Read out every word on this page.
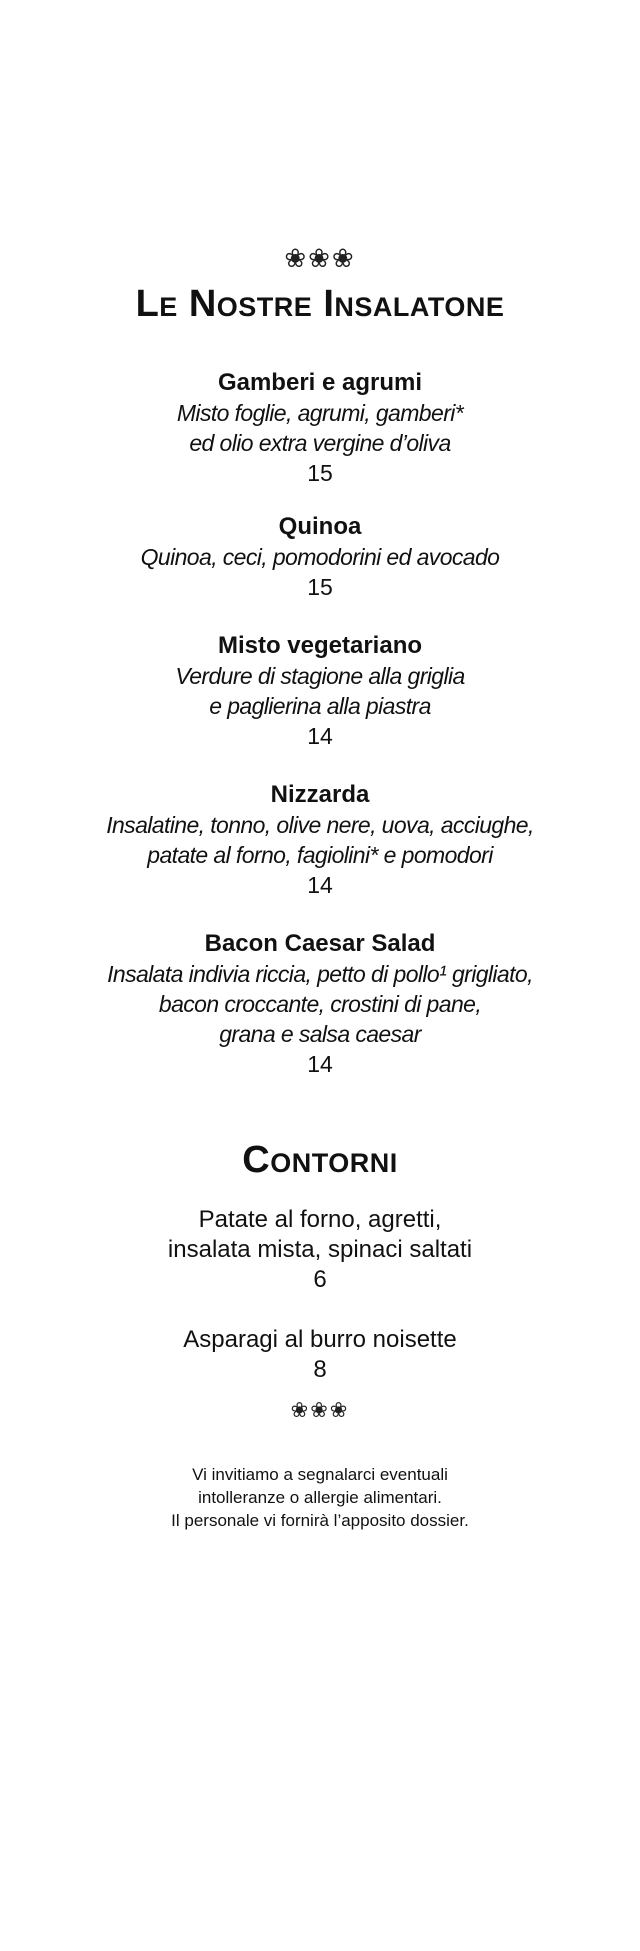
❀❀❀
Le Nostre Insalatone
Gamberi e agrumi
Misto foglie, agrumi, gamberi*
ed olio extra vergine d’oliva
15
Quinoa
Quinoa, ceci, pomodorini ed avocado
15
Misto vegetariano
Verdure di stagione alla griglia
e paglierina alla piastra
14
Nizzarda
Insalatine, tonno, olive nere, uova, acciughe,
patate al forno, fagiolini* e pomodori
14
Bacon Caesar Salad
Insalata indivia riccia, petto di pollo¹ grigliato,
bacon croccante, crostini di pane,
grana e salsa caesar
14
Contorni
Patate al forno, agretti,
insalata mista, spinaci saltati
6
Asparagi al burro noisette
8
❀❀❀
Vi invitiamo a segnalarci eventuali
intolleranze o allergie alimentari.
Il personale vi fornirà l’apposito dossier.
